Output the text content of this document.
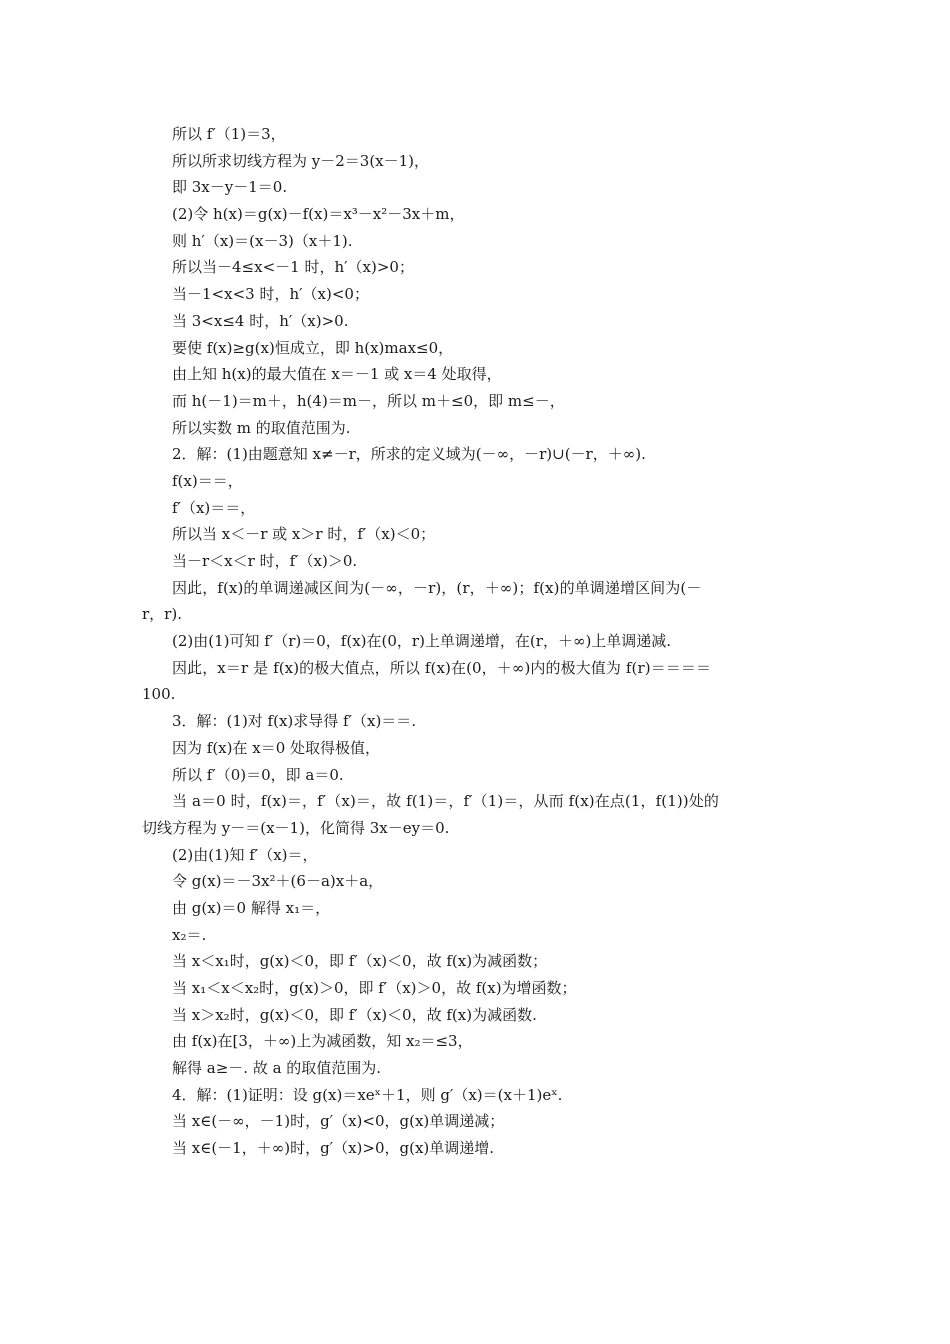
所以 f′（1)＝3，
所以所求切线方程为 y－2＝3(x－1)，
即 3x－y－1＝0.
(2)令 h(x)＝g(x)－f(x)＝x³－x²－3x＋m，
则 h′（x)＝(x－3)（x＋1).
所以当－4≤x<－1 时，h′（x)>0；
当－1<x<3 时，h′（x)<0；
当 3<x≤4 时，h′（x)>0.
要使 f(x)≥g(x)恒成立，即 h(x)max≤0，
由上知 h(x)的最大值在 x＝－1 或 x＝4 处取得，
而 h(－1)＝m＋，h(4)＝m－，所以 m＋≤0，即 m≤－，
所以实数 m 的取值范围为.
2．解：(1)由题意知 x≠－r，所求的定义域为(－∞，－r)∪(－r，＋∞).
f(x)＝＝，
f′（x)＝＝，
所以当 x＜－r 或 x＞r 时，f′（x)＜0；
当－r＜x＜r 时，f′（x)＞0.
因此，f(x)的单调递减区间为(－∞，－r)，(r，＋∞)；f(x)的单调递增区间为(－
r，r).
(2)由(1)可知 f′（r)＝0，f(x)在(0，r)上单调递增，在(r，＋∞)上单调递减.
因此，x＝r 是 f(x)的极大值点，所以 f(x)在(0，＋∞)内的极大值为 f(r)＝＝＝＝
100.
3．解：(1)对 f(x)求导得 f′（x)＝＝.
因为 f(x)在 x＝0 处取得极值，
所以 f′（0)＝0，即 a＝0.
当 a＝0 时，f(x)＝，f′（x)＝，故 f(1)＝，f′（1)＝，从而 f(x)在点(1，f(1))处的
切线方程为 y－＝(x－1)，化简得 3x－ey＝0.
(2)由(1)知 f′（x)＝，
令 g(x)＝－3x²＋(6－a)x＋a，
由 g(x)＝0 解得 x₁＝，
x₂＝.
当 x＜x₁时，g(x)＜0，即 f′（x)＜0，故 f(x)为减函数；
当 x₁＜x＜x₂时，g(x)＞0，即 f′（x)＞0，故 f(x)为增函数；
当 x＞x₂时，g(x)＜0，即 f′（x)＜0，故 f(x)为减函数.
由 f(x)在[3，＋∞)上为减函数，知 x₂＝≤3，
解得 a≥－. 故 a 的取值范围为.
4．解：(1)证明：设 g(x)＝xeˣ＋1，则 g′（x)＝(x＋1)eˣ.
当 x∈(－∞，－1)时，g′（x)<0，g(x)单调递减；
当 x∈(－1，＋∞)时，g′（x)>0，g(x)单调递增.
